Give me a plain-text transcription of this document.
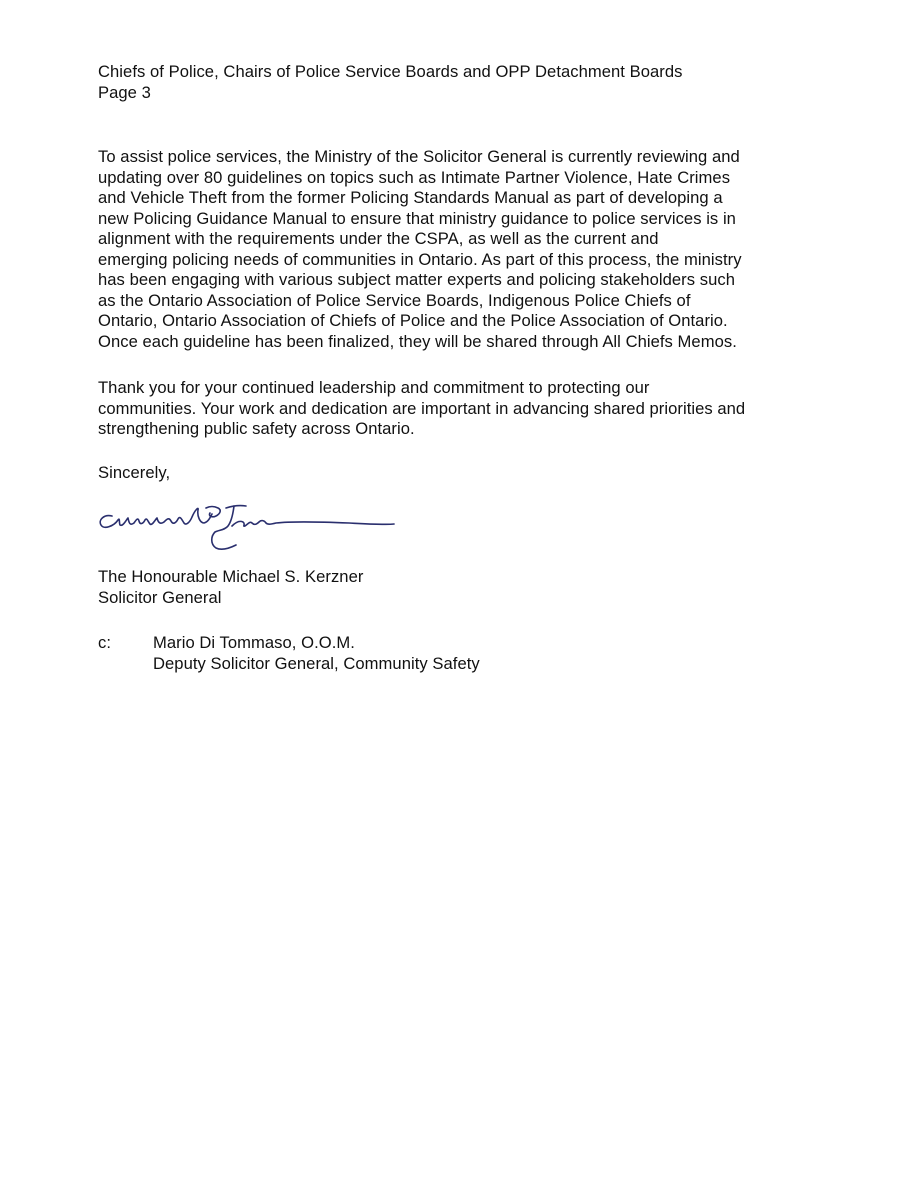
Chiefs of Police, Chairs of Police Service Boards and OPP Detachment Boards
Page 3
To assist police services, the Ministry of the Solicitor General is currently reviewing and
updating over 80 guidelines on topics such as Intimate Partner Violence, Hate Crimes
and Vehicle Theft from the former Policing Standards Manual as part of developing a
new Policing Guidance Manual to ensure that ministry guidance to police services is in
alignment with the requirements under the CSPA, as well as the current and
emerging policing needs of communities in Ontario. As part of this process, the ministry
has been engaging with various subject matter experts and policing stakeholders such
as the Ontario Association of Police Service Boards, Indigenous Police Chiefs of
Ontario, Ontario Association of Chiefs of Police and the Police Association of Ontario.
Once each guideline has been finalized, they will be shared through All Chiefs Memos.
Thank you for your continued leadership and commitment to protecting our
communities. Your work and dedication are important in advancing shared priorities and
strengthening public safety across Ontario.
Sincerely,
The Honourable Michael S. Kerzner
Solicitor General
c:	Mario Di Tommaso, O.O.M.
Deputy Solicitor General, Community Safety
